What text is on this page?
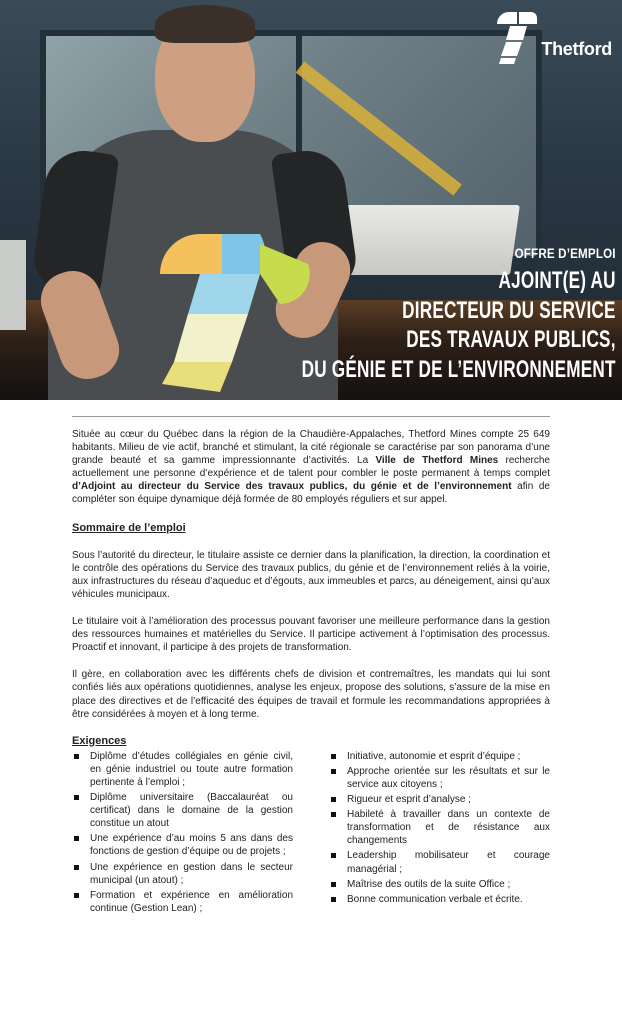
Thetford
OFFRE D’EMPLOI
AJOINT(E) AU
DIRECTEUR DU SERVICE
DES TRAVAUX PUBLICS,
DU GÉNIE ET DE L’ENVIRONNEMENT

Située au cœur du Québec dans la région de la Chaudière-Appalaches, Thetford Mines compte 25 649 habitants. Milieu de vie actif, branché et stimulant, la cité régionale se caractérise par son panorama d’une grande beauté et sa gamme impressionnante d’activités. La Ville de Thetford Mines recherche actuellement une personne d’expérience et de talent pour combler le poste permanent à temps complet d’Adjoint au directeur du Service des travaux publics, du génie et de l’environnement afin de compléter son équipe dynamique déjà formée de 80 employés réguliers et sur appel.

Sommaire de l’emploi

Sous l’autorité du directeur, le titulaire assiste ce dernier dans la planification, la direction, la coordination et le contrôle des opérations du Service des travaux publics, du génie et de l’environnement reliés à la voirie, aux infrastructures du réseau d’aqueduc et d’égouts, aux immeubles et parcs, au déneigement, ainsi qu’aux véhicules municipaux.

Le titulaire voit à l’amélioration des processus pouvant favoriser une meilleure performance dans la gestion des ressources humaines et matérielles du Service. Il participe activement à l’optimisation des processus. Proactif et innovant, il participe à des projets de transformation.

Il gère, en collaboration avec les différents chefs de division et contremaîtres, les mandats qui lui sont confiés liés aux opérations quotidiennes, analyse les enjeux, propose des solutions, s’assure de la mise en place des directives et de l’efficacité des équipes de travail et formule les recommandations appropriées à être considérées à moyen et à long terme.

Exigences
Diplôme d’études collégiales en génie civil, en génie industriel ou toute autre formation pertinente à l’emploi ;
Diplôme universitaire (Baccalauréat ou certificat) dans le domaine de la gestion constitue un atout
Une expérience d’au moins 5 ans dans des fonctions de gestion d’équipe ou de projets ;
Une expérience en gestion dans le secteur municipal (un atout) ;
Formation et expérience en amélioration continue (Gestion Lean) ;
Initiative, autonomie et esprit d’équipe ;
Approche orientée sur les résultats et sur le service aux citoyens ;
Rigueur et esprit d’analyse ;
Habileté à travailler dans un contexte de transformation et de résistance aux changements
Leadership mobilisateur et courage managérial ;
Maîtrise des outils de la suite Office ;
Bonne communication verbale et écrite.
